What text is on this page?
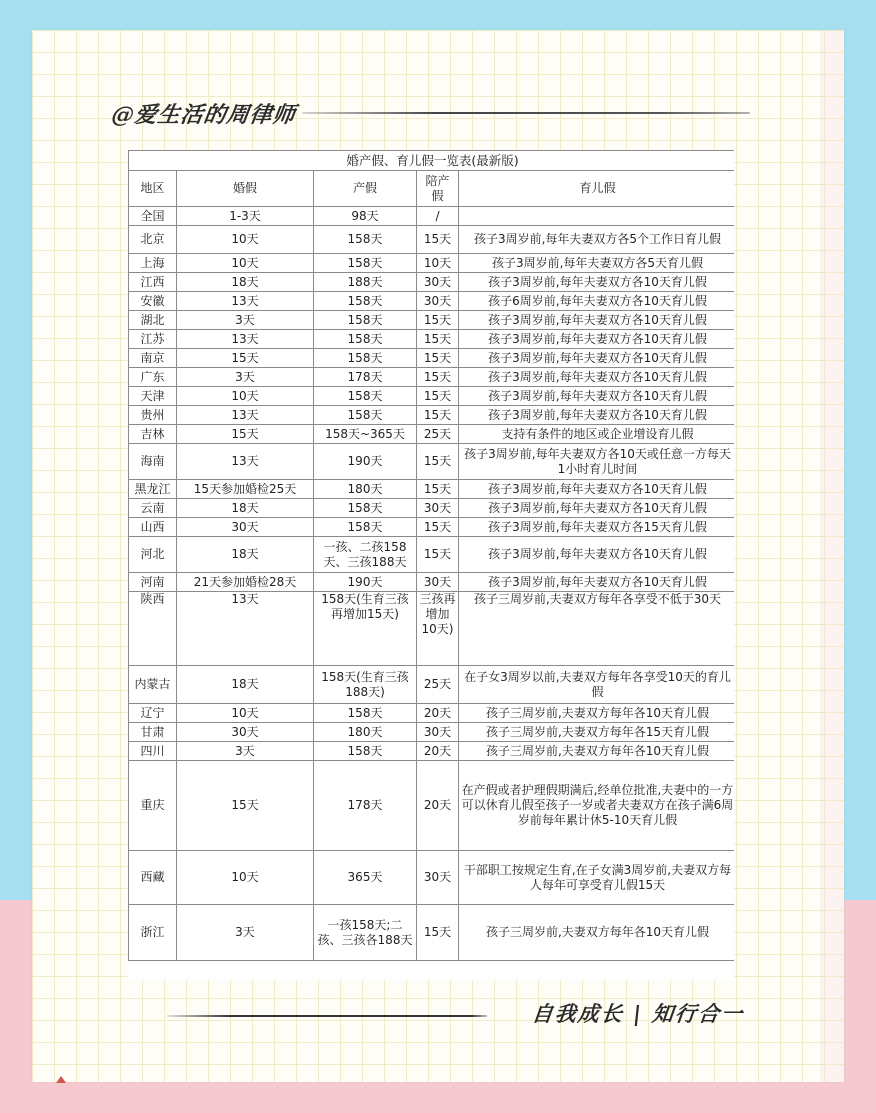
@爱生活的周律师
婚产假、育儿假一览表(最新版)				
地区	婚假	产假	陪产假	育儿假
全国	1-3天	98天	/	
北京	10天	158天	15天	孩子3周岁前,每年夫妻双方各5个工作日育儿假
上海	10天	158天	10天	孩子3周岁前,每年夫妻双方各5天育儿假
江西	18天	188天	30天	孩子3周岁前,每年夫妻双方各10天育儿假
安徽	13天	158天	30天	孩子6周岁前,每年夫妻双方各10天育儿假
湖北	3天	158天	15天	孩子3周岁前,每年夫妻双方各10天育儿假
江苏	13天	158天	15天	孩子3周岁前,每年夫妻双方各10天育儿假
南京	15天	158天	15天	孩子3周岁前,每年夫妻双方各10天育儿假
广东	3天	178天	15天	孩子3周岁前,每年夫妻双方各10天育儿假
天津	10天	158天	15天	孩子3周岁前,每年夫妻双方各10天育儿假
贵州	13天	158天	15天	孩子3周岁前,每年夫妻双方各10天育儿假
吉林	15天	158天~365天	25天	支持有条件的地区或企业增设育儿假
海南	13天	190天	15天	孩子3周岁前,每年夫妻双方各10天或任意一方每天1小时育儿时间
黑龙江	15天参加婚检25天	180天	15天	孩子3周岁前,每年夫妻双方各10天育儿假
云南	18天	158天	30天	孩子3周岁前,每年夫妻双方各10天育儿假
山西	30天	158天	15天	孩子3周岁前,每年夫妻双方各15天育儿假
河北	18天	一孩、二孩158天、三孩188天	15天	孩子3周岁前,每年夫妻双方各10天育儿假
河南	21天参加婚检28天	190天	30天	孩子3周岁前,每年夫妻双方各10天育儿假
陕西	13天	158天(生育三孩再增加15天)	三孩再增加10天)	孩子三周岁前,夫妻双方每年各享受不低于30天
内蒙古	18天	158天(生育三孩188天)	25天	在子女3周岁以前,夫妻双方每年各享受10天的育儿假
辽宁	10天	158天	20天	孩子三周岁前,夫妻双方每年各10天育儿假
甘肃	30天	180天	30天	孩子三周岁前,夫妻双方每年各15天育儿假
四川	3天	158天	20天	孩子三周岁前,夫妻双方每年各10天育儿假
重庆	15天	178天	20天	在产假或者护理假期满后,经单位批准,夫妻中的一方可以休育儿假至孩子一岁或者夫妻双方在孩子满6周岁前每年累计休5-10天育儿假
西藏	10天	365天	30天	干部职工按规定生育,在子女满3周岁前,夫妻双方每人每年可享受育儿假15天
浙江	3天	一孩158天;二孩、三孩各188天	15天	孩子三周岁前,夫妻双方每年各10天育儿假
自我成长 | 知行合一
